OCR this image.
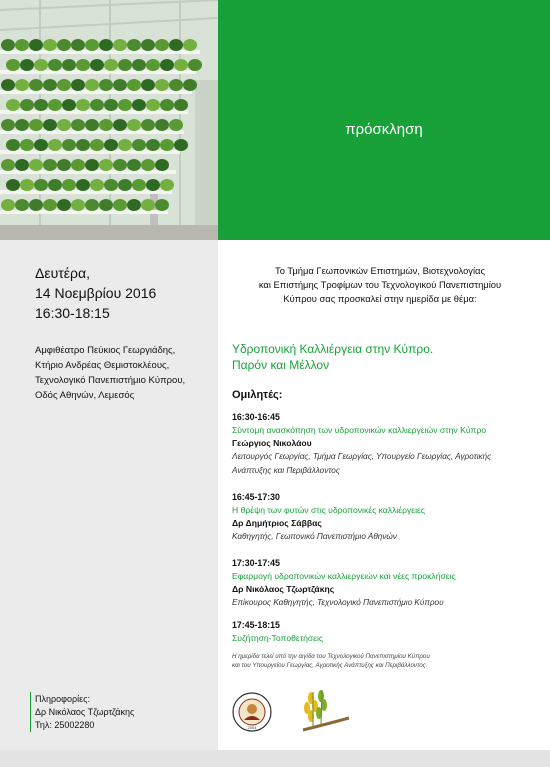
πρόσκληση
Δευτέρα,
14 Νοεμβρίου 2016
16:30-18:15
Αμφιθέατρο Πεύκιος Γεωργιάδης,
Κτήριο Ανδρέας Θεμιστοκλέους,
Τεχνολογικό Πανεπιστήμιο Κύπρου,
Οδός Αθηνών, Λεμεσός
Πληροφορίες:
Δρ Νικόλαος Τζωρτζάκης
Τηλ: 25002280
Το Τμήμα Γεωπονικών Επιστημών, Βιοτεχνολογίας
και Επιστήμης Τροφίμων του Τεχνολογικού Πανεπιστημίου
Κύπρου σας προσκαλεί στην ημερίδα με θέμα:
Υδροπονική Καλλιέργεια στην Κύπρο.
Παρόν και Μέλλον
Ομιλητές:
16:30-16:45
Σύντομη ανασκόπηση των υδροπονικών καλλιεργειών στην Κύπρο
Γεώργιος Νικολάου
Λειτουργός Γεωργίας, Τμήμα Γεωργίας, Υπουργείο Γεωργίας, Αγροτικής
Ανάπτυξης και Περιβάλλοντος
16:45-17:30
Η θρέψη των φυτών στις υδροπονικές καλλιέργειες
Δρ Δημήτριος Σάββας
Καθηγητής, Γεωπονικό Πανεπιστήμιο Αθηνών
17:30-17:45
Εφαρμογή υδροπονικών καλλιεργειών και νέες προκλήσεις
Δρ Νικόλαος Τζωρτζάκης
Επίκουρος Καθηγητής, Τεχνολογικό Πανεπιστήμιο Κύπρου
17:45-18:15
Συζήτηση-Τοποθετήσεις
Η ημερίδα τελεί υπό την αιγίδα του Τεχνολογικού Πανεπιστημίου Κύπρου
και του Υπουργείου Γεωργίας, Αγροτικής Ανάπτυξης και Περιβάλλοντος.
2004
